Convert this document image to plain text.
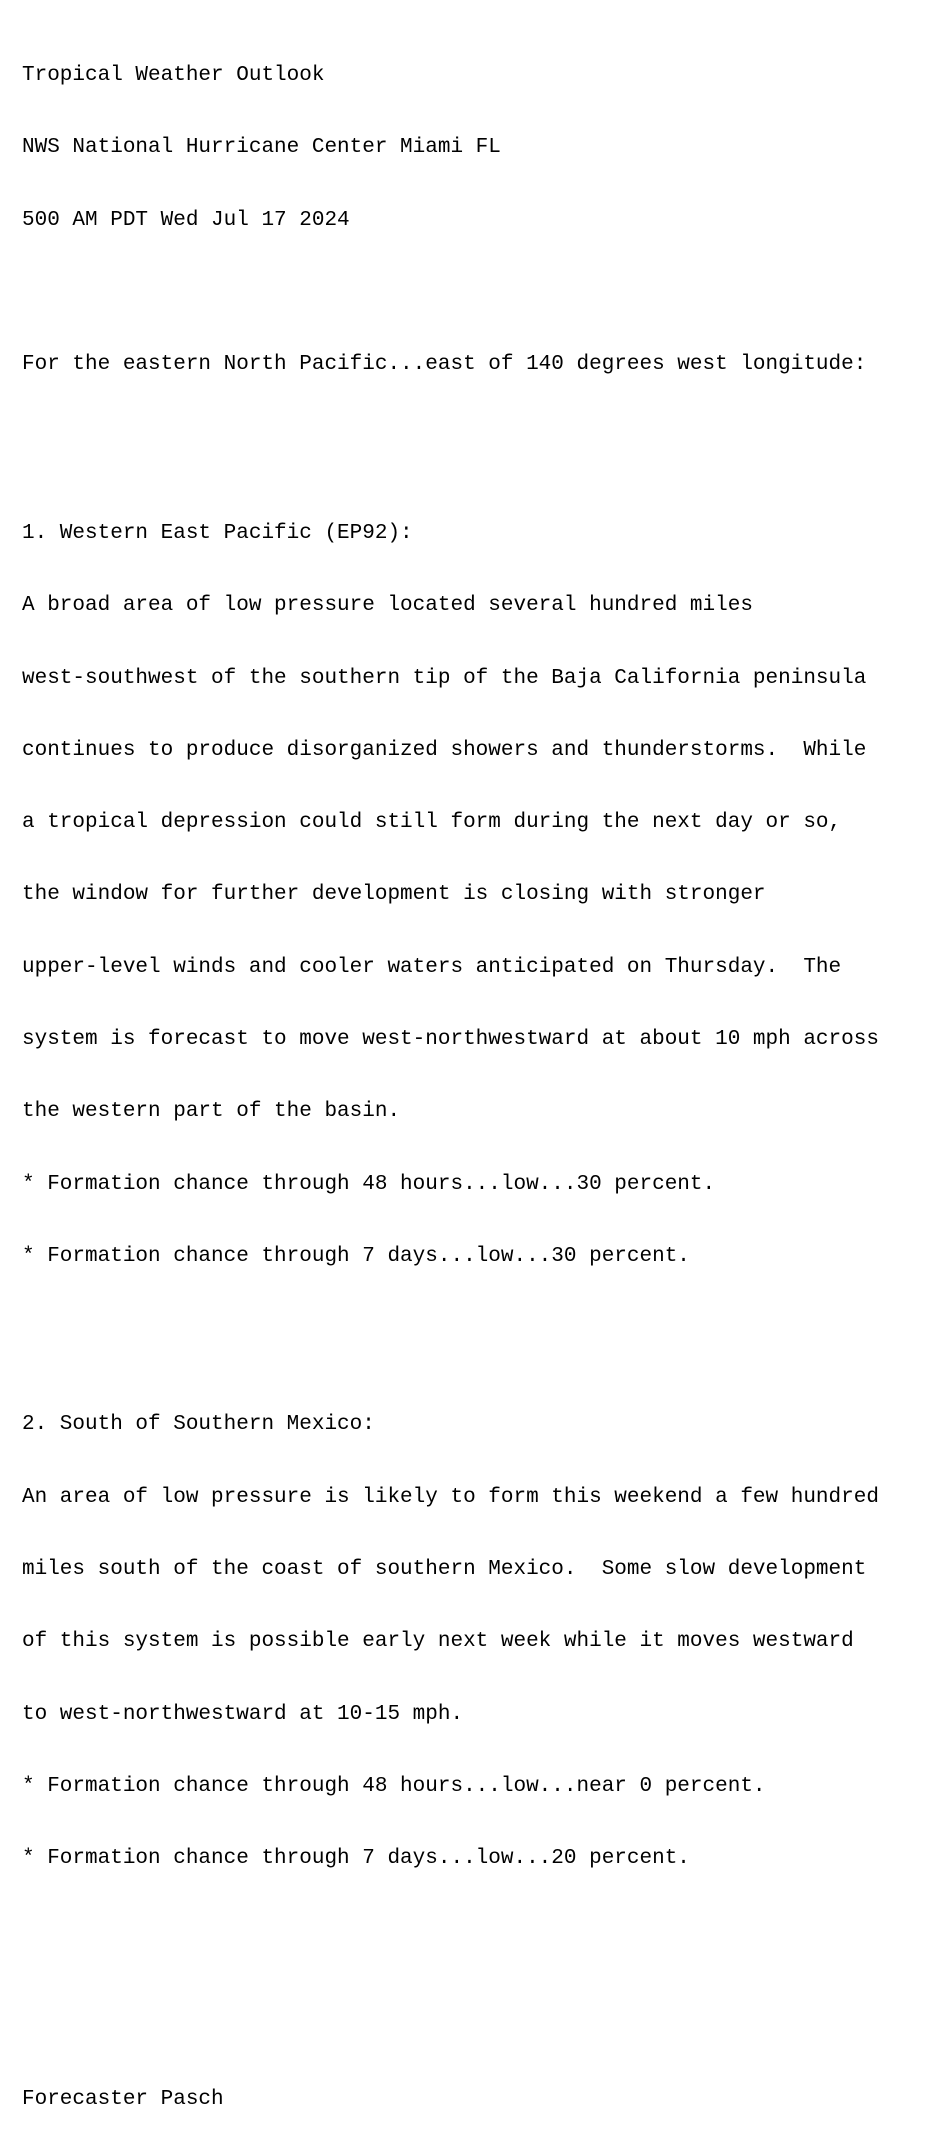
Tropical Weather Outlook

NWS National Hurricane Center Miami FL

500 AM PDT Wed Jul 17 2024

For the eastern North Pacific...east of 140 degrees west longitude:

1. Western East Pacific (EP92):

A broad area of low pressure located several hundred miles

west-southwest of the southern tip of the Baja California peninsula

continues to produce disorganized showers and thunderstorms.  While

a tropical depression could still form during the next day or so,

the window for further development is closing with stronger

upper-level winds and cooler waters anticipated on Thursday.  The

system is forecast to move west-northwestward at about 10 mph across

the western part of the basin.

* Formation chance through 48 hours...low...30 percent.

* Formation chance through 7 days...low...30 percent.

2. South of Southern Mexico:

An area of low pressure is likely to form this weekend a few hundred

miles south of the coast of southern Mexico.  Some slow development

of this system is possible early next week while it moves westward

to west-northwestward at 10-15 mph.

* Formation chance through 48 hours...low...near 0 percent.

* Formation chance through 7 days...low...20 percent.

Forecaster Pasch
